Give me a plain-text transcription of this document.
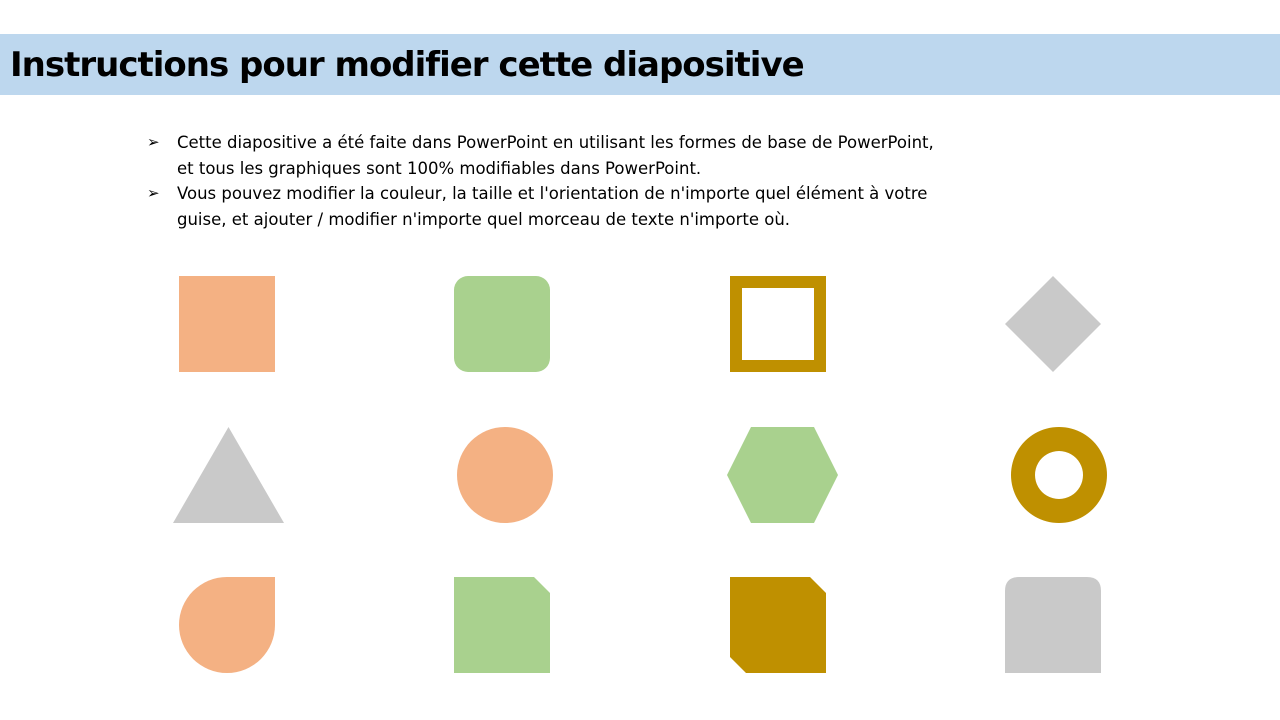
Instructions pour modifier cette diapositive
➢ Cette diapositive a été faite dans PowerPoint en utilisant les formes de base de PowerPoint,
et tous les graphiques sont 100% modifiables dans PowerPoint.
➢ Vous pouvez modifier la couleur, la taille et l'orientation de n'importe quel élément à votre
guise, et ajouter / modifier n'importe quel morceau de texte n'importe où.
